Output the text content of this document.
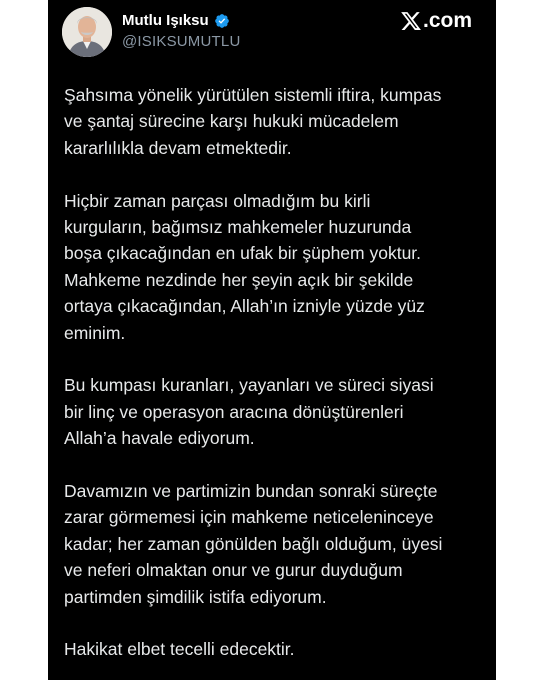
Mutlu Işıksu
@ISIKSUMUTLU
.com

Şahsıma yönelik yürütülen sistemli iftira, kumpas
ve şantaj sürecine karşı hukuki mücadelem
kararlılıkla devam etmektedir.

Hiçbir zaman parçası olmadığım bu kirli
kurguların, bağımsız mahkemeler huzurunda
boşa çıkacağından en ufak bir şüphem yoktur.
Mahkeme nezdinde her şeyin açık bir şekilde
ortaya çıkacağından, Allah’ın izniyle yüzde yüz
eminim.

Bu kumpası kuranları, yayanları ve süreci siyasi
bir linç ve operasyon aracına dönüştürenleri
Allah’a havale ediyorum.

Davamızın ve partimizin bundan sonraki süreçte
zarar görmemesi için mahkeme neticeleninceye
kadar; her zaman gönülden bağlı olduğum, üyesi
ve neferi olmaktan onur ve gurur duyduğum
partimden şimdilik istifa ediyorum.

Hakikat elbet tecelli edecektir.
